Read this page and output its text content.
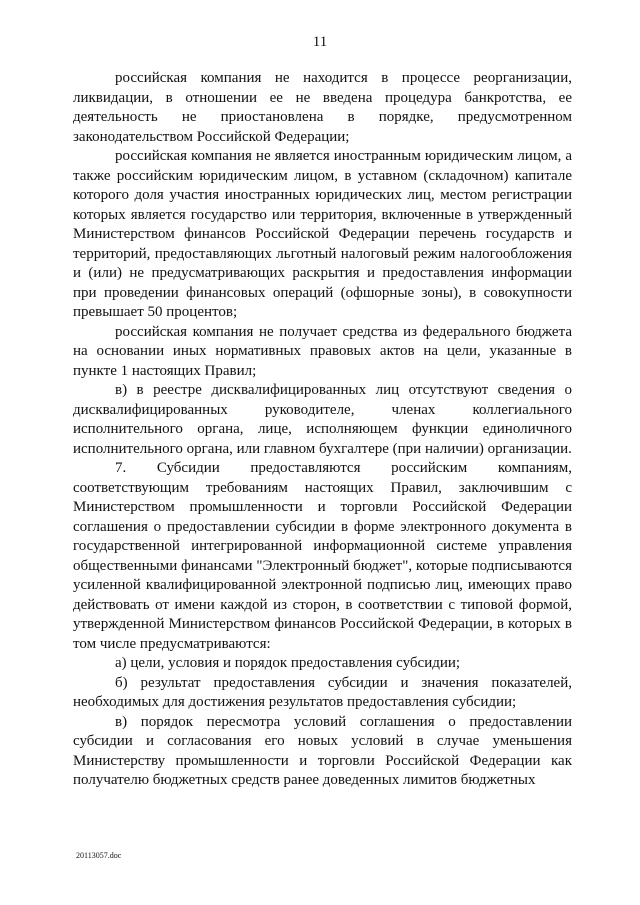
11

российская компания не находится в процессе реорганизации, ликвидации, в отношении ее не введена процедура банкротства, ее деятельность не приостановлена в порядке, предусмотренном законодательством Российской Федерации;

российская компания не является иностранным юридическим лицом, а также российским юридическим лицом, в уставном (складочном) капитале которого доля участия иностранных юридических лиц, местом регистрации которых является государство или территория, включенные в утвержденный Министерством финансов Российской Федерации перечень государств и территорий, предоставляющих льготный налоговый режим налогообложения и (или) не предусматривающих раскрытия и предоставления информации при проведении финансовых операций (офшорные зоны), в совокупности превышает 50 процентов;

российская компания не получает средства из федерального бюджета на основании иных нормативных правовых актов на цели, указанные в пункте 1 настоящих Правил;

в) в реестре дисквалифицированных лиц отсутствуют сведения о дисквалифицированных руководителе, членах коллегиального исполнительного органа, лице, исполняющем функции единоличного исполнительного органа, или главном бухгалтере (при наличии) организации.

7. Субсидии предоставляются российским компаниям, соответствующим требованиям настоящих Правил, заключившим с Министерством промышленности и торговли Российской Федерации соглашения о предоставлении субсидии в форме электронного документа в государственной интегрированной информационной системе управления общественными финансами "Электронный бюджет", которые подписываются усиленной квалифицированной электронной подписью лиц, имеющих право действовать от имени каждой из сторон, в соответствии с типовой формой, утвержденной Министерством финансов Российской Федерации, в которых в том числе предусматриваются:

а) цели, условия и порядок предоставления субсидии;

б) результат предоставления субсидии и значения показателей, необходимых для достижения результатов предоставления субсидии;

в) порядок пересмотра условий соглашения о предоставлении субсидии и согласования его новых условий в случае уменьшения Министерству промышленности и торговли Российской Федерации как получателю бюджетных средств ранее доведенных лимитов бюджетных

20113057.doc
